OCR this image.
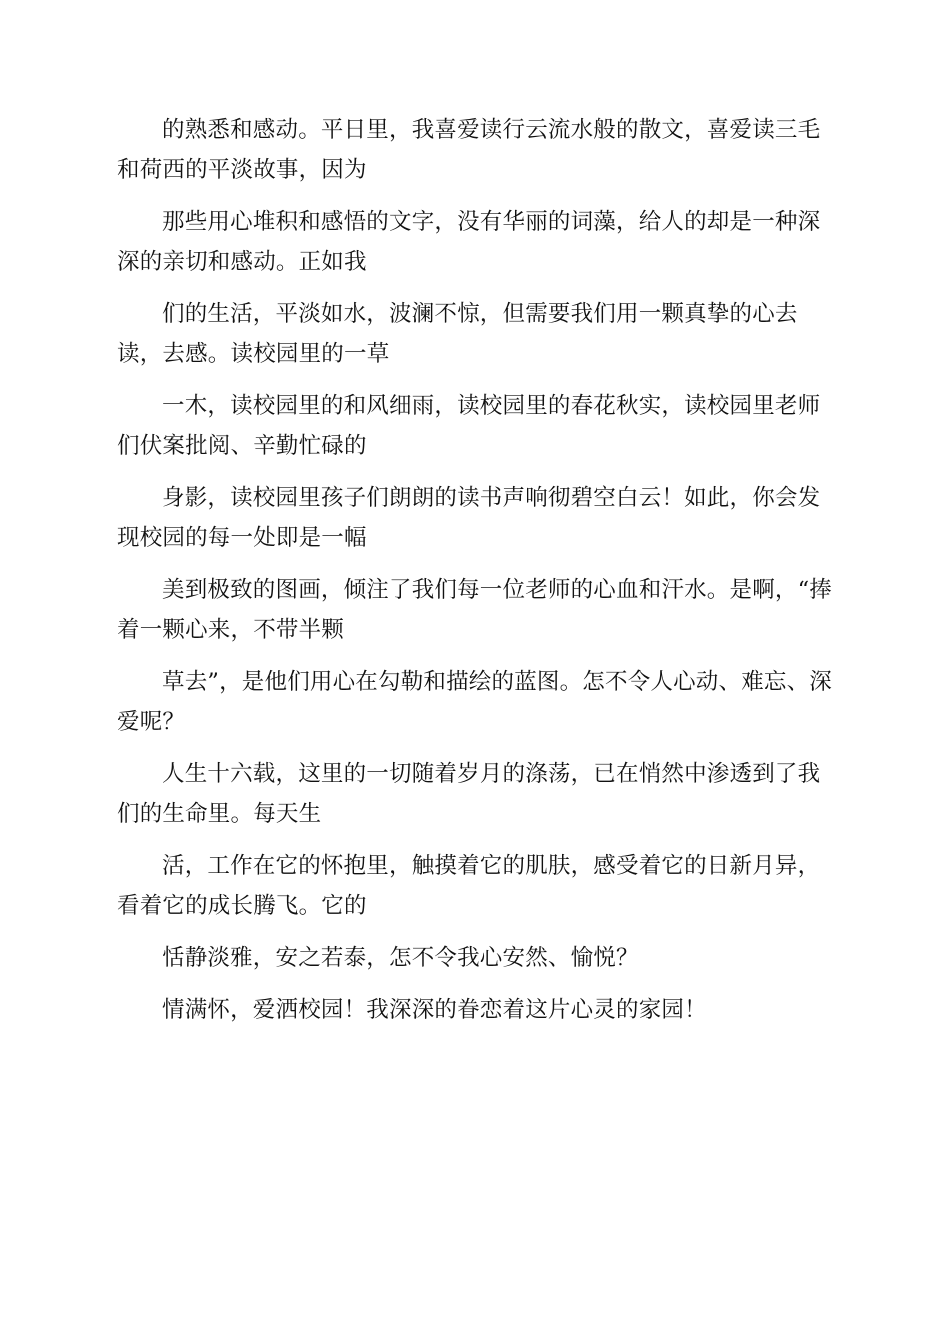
的熟悉和感动。平日里，我喜爱读行云流水般的散文，喜爱读三毛和荷西的平淡故事，因为

那些用心堆积和感悟的文字，没有华丽的词藻，给人的却是一种深深的亲切和感动。正如我

们的生活，平淡如水，波澜不惊，但需要我们用一颗真挚的心去读，去感。读校园里的一草

一木，读校园里的和风细雨，读校园里的春花秋实，读校园里老师们伏案批阅、辛勤忙碌的

身影，读校园里孩子们朗朗的读书声响彻碧空白云！如此，你会发现校园的每一处即是一幅

美到极致的图画，倾注了我们每一位老师的心血和汗水。是啊，“捧着一颗心来，不带半颗

草去”，是他们用心在勾勒和描绘的蓝图。怎不令人心动、难忘、深爱呢？

人生十六载，这里的一切随着岁月的涤荡，已在悄然中渗透到了我们的生命里。每天生

活，工作在它的怀抱里，触摸着它的肌肤，感受着它的日新月异，看着它的成长腾飞。它的

恬静淡雅，安之若泰，怎不令我心安然、愉悦？

情满怀，爱洒校园！我深深的眷恋着这片心灵的家园！
